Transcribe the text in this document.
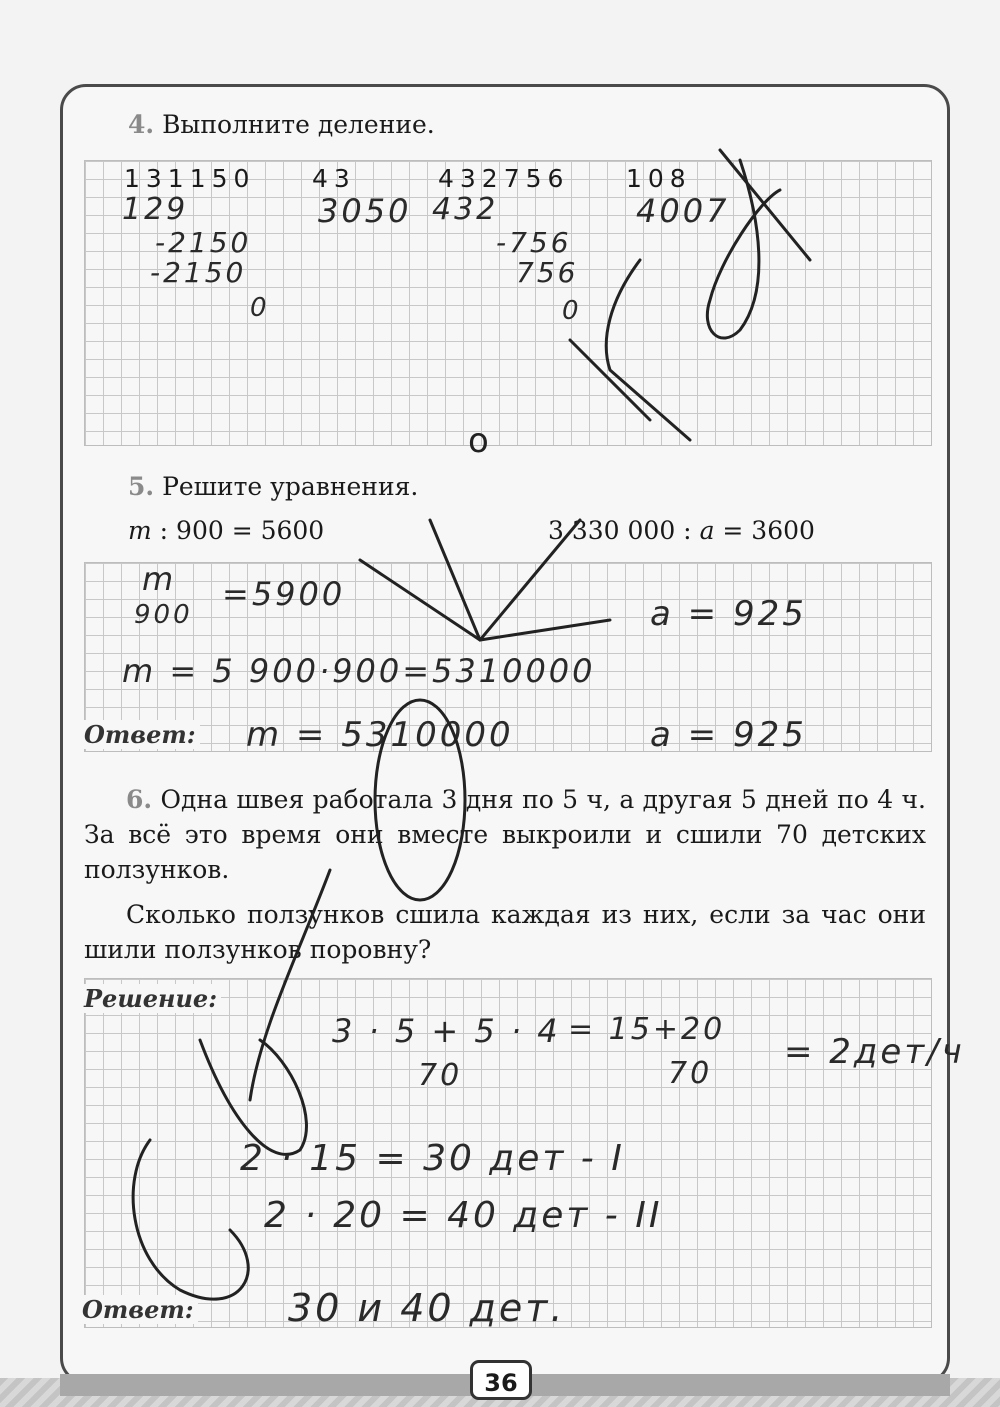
4. Выполните деление.
131150 43	432756 108
129	3050
-2150
-2150
0
432	4007
-756
756
0
5. Решите уравнения.
m : 900 = 5600	3 330 000 : a = 3600
Ответ:
m
900
=5900
m = 5 900·900=5310000
a = 925
m = 5310000	a = 925

6. Одна швея работала 3 дня по 5 ч, а другая 5 дней по 4 ч. За всё это время они вместе выкроили и сшили 70 детских ползунков.

Сколько ползунков сшила каждая из них, если за час они шили ползунков поровну?

Решение:
Ответ:
3 · 5 + 5 · 4
70
= 15+20
70
= 2дет/ч
2 · 15 = 30 дет - I
2 · 20 = 40 дет - II
30 и 40 дет.
o
36
